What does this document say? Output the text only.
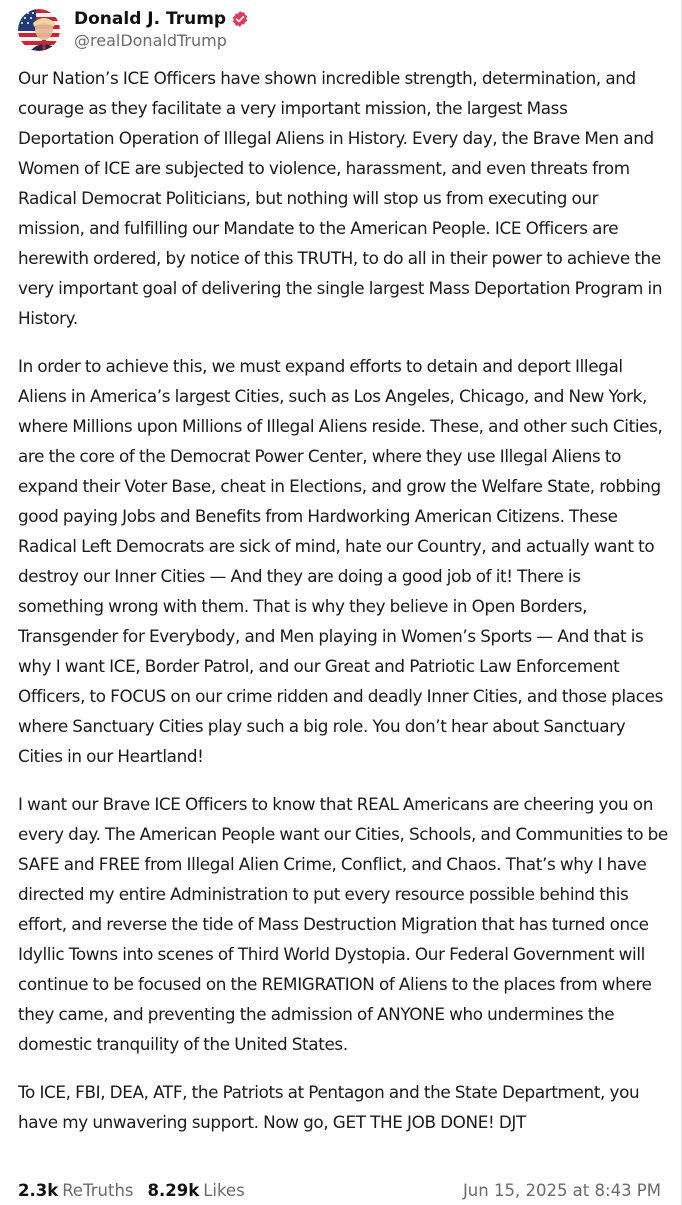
Donald J. Trump
@realDonaldTrump

Our Nation’s ICE Officers have shown incredible strength, determination, and courage as they facilitate a very important mission, the largest Mass Deportation Operation of Illegal Aliens in History. Every day, the Brave Men and Women of ICE are subjected to violence, harassment, and even threats from Radical Democrat Politicians, but nothing will stop us from executing our mission, and fulfilling our Mandate to the American People. ICE Officers are herewith ordered, by notice of this TRUTH, to do all in their power to achieve the very important goal of delivering the single largest Mass Deportation Program in History.

In order to achieve this, we must expand efforts to detain and deport Illegal Aliens in America’s largest Cities, such as Los Angeles, Chicago, and New York, where Millions upon Millions of Illegal Aliens reside. These, and other such Cities, are the core of the Democrat Power Center, where they use Illegal Aliens to expand their Voter Base, cheat in Elections, and grow the Welfare State, robbing good paying Jobs and Benefits from Hardworking American Citizens. These Radical Left Democrats are sick of mind, hate our Country, and actually want to destroy our Inner Cities — And they are doing a good job of it! There is something wrong with them. That is why they believe in Open Borders, Transgender for Everybody, and Men playing in Women’s Sports — And that is why I want ICE, Border Patrol, and our Great and Patriotic Law Enforcement Officers, to FOCUS on our crime ridden and deadly Inner Cities, and those places where Sanctuary Cities play such a big role. You don’t hear about Sanctuary Cities in our Heartland!

I want our Brave ICE Officers to know that REAL Americans are cheering you on every day. The American People want our Cities, Schools, and Communities to be SAFE and FREE from Illegal Alien Crime, Conflict, and Chaos. That’s why I have directed my entire Administration to put every resource possible behind this effort, and reverse the tide of Mass Destruction Migration that has turned once Idyllic Towns into scenes of Third World Dystopia. Our Federal Government will continue to be focused on the REMIGRATION of Aliens to the places from where they came, and preventing the admission of ANYONE who undermines the domestic tranquility of the United States.

To ICE, FBI, DEA, ATF, the Patriots at Pentagon and the State Department, you have my unwavering support. Now go, GET THE JOB DONE! DJT

2.3k ReTruths 8.29k Likes	Jun 15, 2025 at 8:43 PM
